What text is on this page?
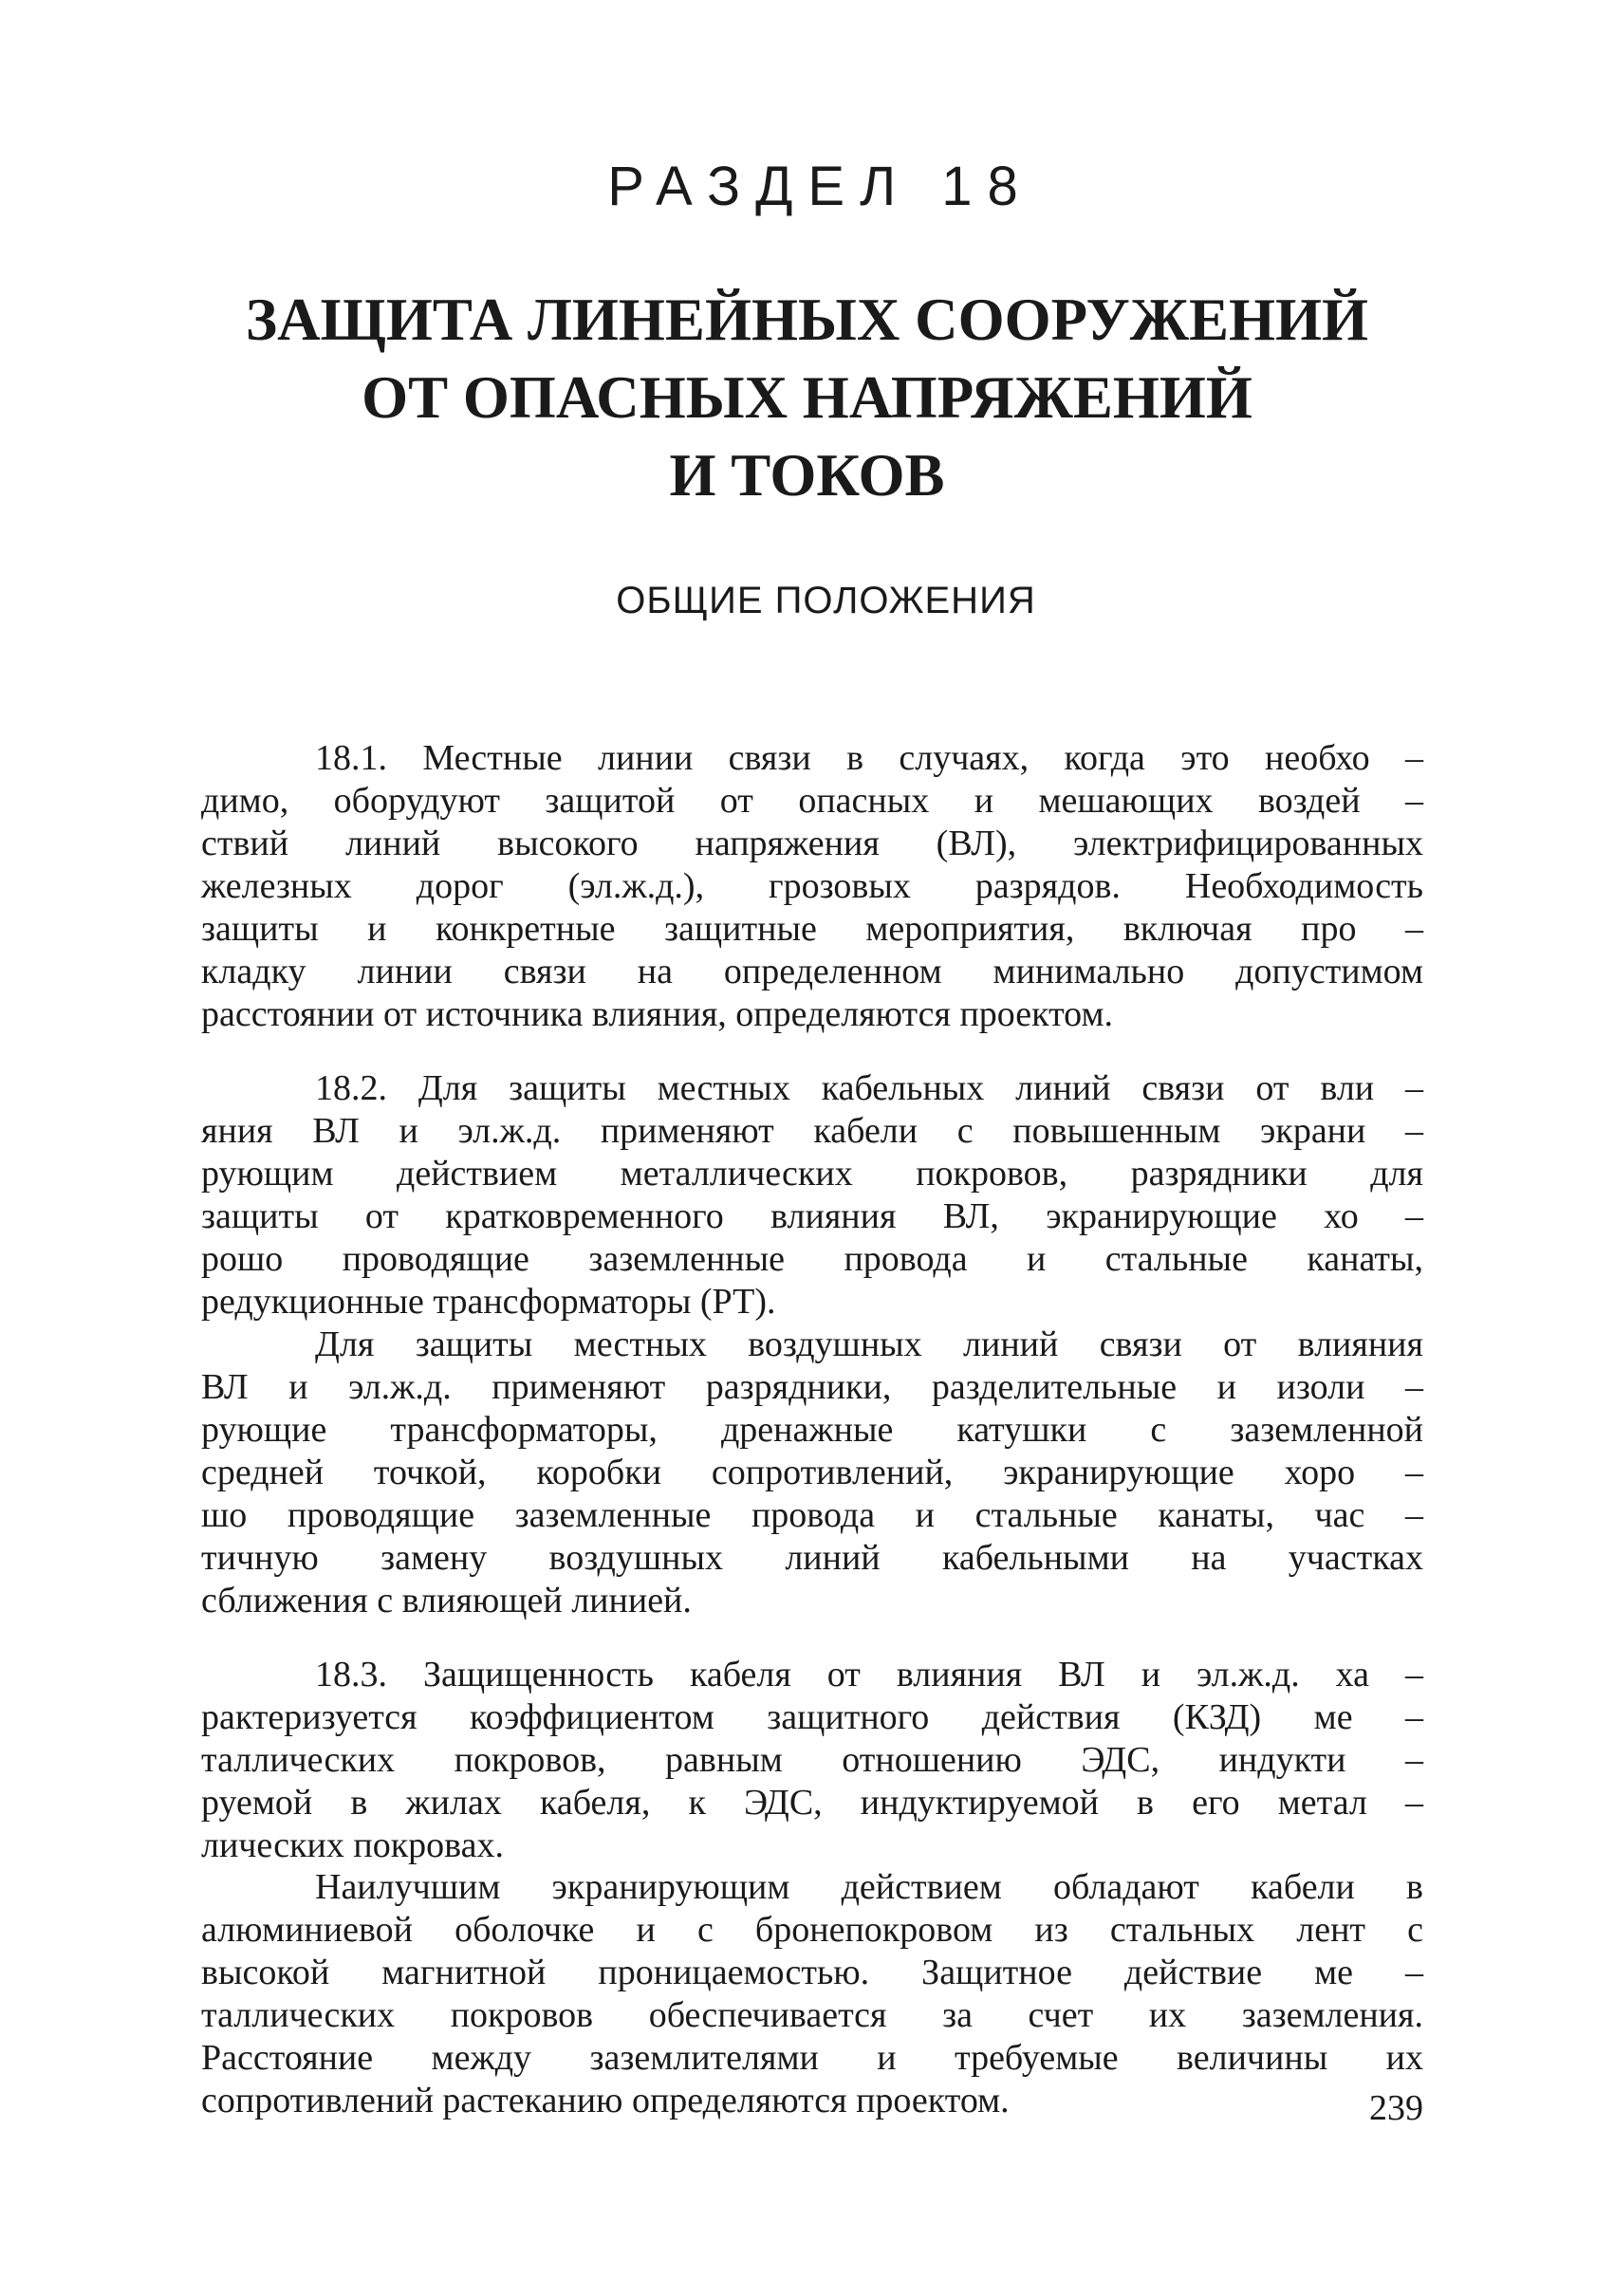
РАЗДЕЛ 18
ЗАЩИТА ЛИНЕЙНЫХ СООРУЖЕНИЙ
ОТ ОПАСНЫХ НАПРЯЖЕНИЙ
И ТОКОВ
ОБЩИЕ ПОЛОЖЕНИЯ
18.1. Местные линии связи в случаях, когда это необхо –
димо, оборудуют защитой от опасных и мешающих воздей –
ствий линий высокого напряжения (ВЛ), электрифицированных
железных дорог (эл.ж.д.), грозовых разрядов. Необходимость
защиты и конкретные защитные мероприятия, включая про –
кладку линии связи на определенном минимально допустимом
расстоянии от источника влияния, определяются проектом.
18.2. Для защиты местных кабельных линий связи от вли –
яния ВЛ и эл.ж.д. применяют кабели с повышенным экрани –
рующим действием металлических покровов, разрядники для
защиты от кратковременного влияния ВЛ, экранирующие хо –
рошо проводящие заземленные провода и стальные канаты,
редукционные трансформаторы (РТ).
Для защиты местных воздушных линий связи от влияния
ВЛ и эл.ж.д. применяют разрядники, разделительные и изоли –
рующие трансформаторы, дренажные катушки с заземленной
средней точкой, коробки сопротивлений, экранирующие хоро –
шо проводящие заземленные провода и стальные канаты, час –
тичную замену воздушных линий кабельными на участках
сближения с влияющей линией.
18.3. Защищенность кабеля от влияния ВЛ и эл.ж.д. ха –
рактеризуется коэффициентом защитного действия (КЗД) ме –
таллических покровов, равным отношению ЭДС, индукти –
руемой в жилах кабеля, к ЭДС, индуктируемой в его метал –
лических покровах.
Наилучшим экранирующим действием обладают кабели в
алюминиевой оболочке и с бронепокровом из стальных лент с
высокой магнитной проницаемостью. Защитное действие ме –
таллических покровов обеспечивается за счет их заземления.
Расстояние между заземлителями и требуемые величины их
сопротивлений растеканию определяются проектом.	239
